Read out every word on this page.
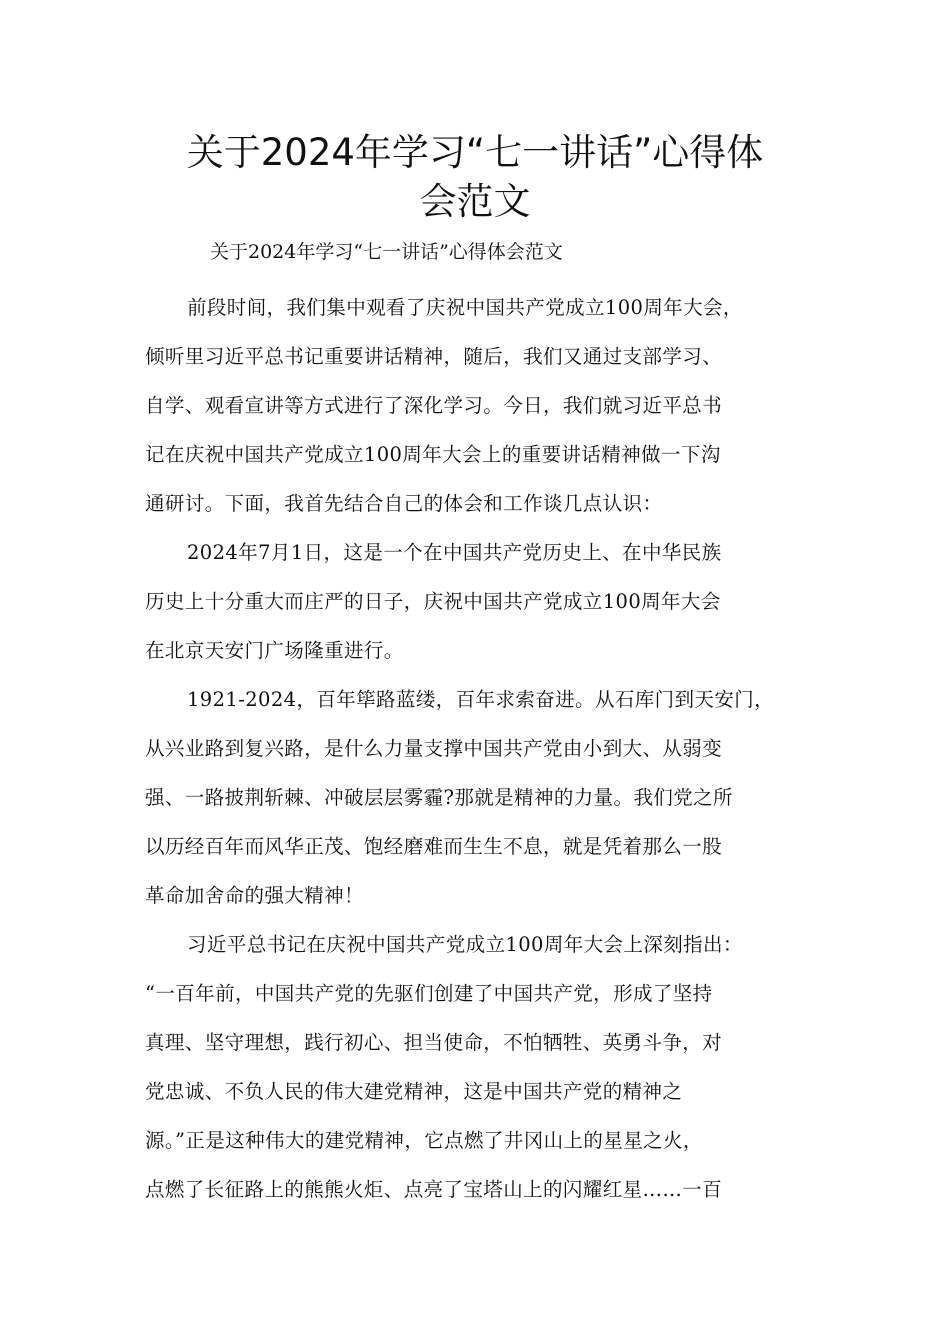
关于2024年学习“七一讲话”心得体
会范文

关于2024年学习“七一讲话”心得体会范文

前段时间，我们集中观看了庆祝中国共产党成立100周年大会，
倾听里习近平总书记重要讲话精神，随后，我们又通过支部学习、
自学、观看宣讲等方式进行了深化学习。今日，我们就习近平总书
记在庆祝中国共产党成立100周年大会上的重要讲话精神做一下沟
通研讨。下面，我首先结合自己的体会和工作谈几点认识：

2024年7月1日，这是一个在中国共产党历史上、在中华民族
历史上十分重大而庄严的日子，庆祝中国共产党成立100周年大会
在北京天安门广场隆重进行。

1921-2024，百年筚路蓝缕，百年求索奋进。从石库门到天安门，
从兴业路到复兴路，是什么力量支撑中国共产党由小到大、从弱变
强、一路披荆斩棘、冲破层层雾霾?那就是精神的力量。我们党之所
以历经百年而风华正茂、饱经磨难而生生不息，就是凭着那么一股
革命加舍命的强大精神！

习近平总书记在庆祝中国共产党成立100周年大会上深刻指出：
“一百年前，中国共产党的先驱们创建了中国共产党，形成了坚持
真理、坚守理想，践行初心、担当使命，不怕牺牲、英勇斗争，对
党忠诚、不负人民的伟大建党精神，这是中国共产党的精神之
源。”正是这种伟大的建党精神，它点燃了井冈山上的星星之火，
点燃了长征路上的熊熊火炬、点亮了宝塔山上的闪耀红星……一百
